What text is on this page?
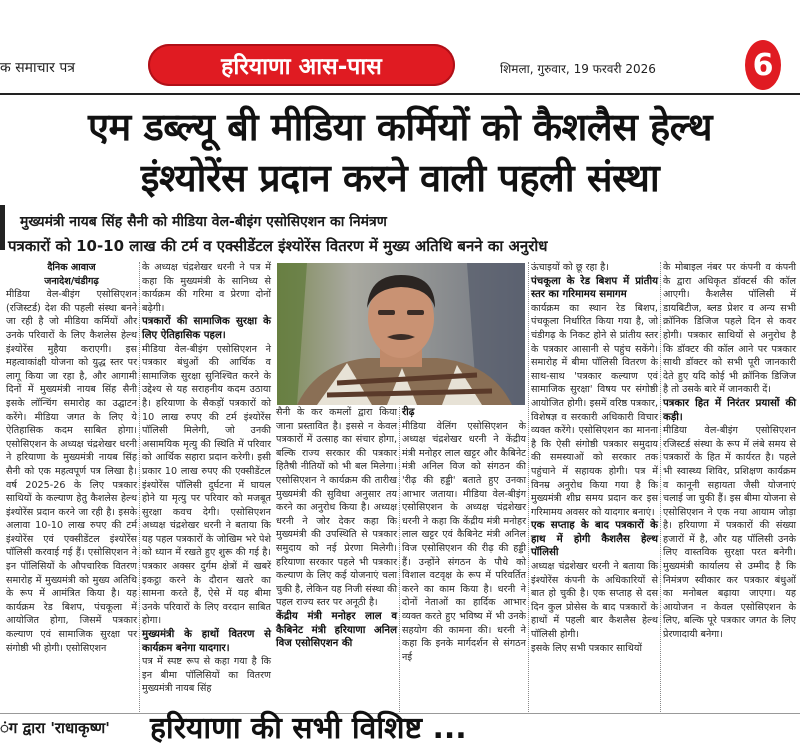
क समाचार पत्र	हरियाणा आस-पास	शिमला, गुरुवार, 19 फरवरी 2026	6
एम डब्ल्यू बी मीडिया कर्मियों को कैशलैस हेल्थ
इंश्योरेंस प्रदान करने वाली पहली संस्था
मुख्यमंत्री नायब सिंह सैनी को मीडिया वेल-बीइंग एसोसिएशन का निमंत्रण
पत्रकारों को 10-10 लाख की टर्म व एक्सीडेंटल इंश्योरेंस वितरण में मुख्य अतिथि बनने का अनुरोध

दैनिक आवाज

जनादेश/चंडीगढ़

मीडिया वेल-बीइंग एसोसिएशन (रजिस्टर्ड) देश की पहली संस्था बनने जा रही है जो मीडिया कर्मियों और उनके परिवारों के लिए कैशलेस हेल्थ इंश्योरेंस मुहैया कराएगी। इस महत्वाकांक्षी योजना को युद्ध स्तर पर लागू किया जा रहा है, और आगामी दिनों में मुख्यमंत्री नायब सिंह सैनी इसके लॉन्चिंग समारोह का उद्घाटन करेंगे। मीडिया जगत के लिए ये ऐतिहासिक कदम साबित होगा। एसोसिएशन के अध्यक्ष चंद्रशेखर धरनी ने हरियाणा के मुख्यमंत्री नायब सिंह सैनी को एक महत्वपूर्ण पत्र लिखा है। वर्ष 2025-26 के लिए पत्रकार साथियों के कल्याण हेतु कैशलेस हेल्थ इंश्योरेंस प्रदान करने जा रही है। इसके अलावा 10-10 लाख रुपए की टर्म इंश्योरेंस एवं एक्सीडेंटल इंश्योरेंस पॉलिसी करवाई गई हैं। एसोसिएशन ने इन पॉलिसियों के औपचारिक वितरण समारोह में मुख्यमंत्री को मुख्य अतिथि के रूप में आमंत्रित किया है। यह कार्यक्रम रेड बिशप, पंचकूला में आयोजित होगा, जिसमें पत्रकार कल्याण एवं सामाजिक सुरक्षा पर संगोष्ठी भी होगी। एसोसिएशन

के अध्यक्ष चंद्रशेखर धरनी ने पत्र में कहा कि मुख्यमंत्री के सानिध्य से कार्यक्रम की गरिमा व प्रेरणा दोनों बढ़ेगी।

पत्रकारों की सामाजिक सुरक्षा के लिए ऐतिहासिक पहल।

मीडिया वेल-बीइंग एसोसिएशन ने पत्रकार बंधुओं की आर्थिक व सामाजिक सुरक्षा सुनिश्चित करने के उद्देश्य से यह सराहनीय कदम उठाया है। हरियाणा के सैकड़ों पत्रकारों को 10 लाख रुपए की टर्म इंश्योरेंस पॉलिसी मिलेगी, जो उनकी असामयिक मृत्यु की स्थिति में परिवार को आर्थिक सहारा प्रदान करेगी। इसी प्रकार 10 लाख रुपए की एक्सीडेंटल इंश्योरेंस पॉलिसी दुर्घटना में घायल होने या मृत्यु पर परिवार को मजबूत सुरक्षा कवच देगी। एसोसिएशन अध्यक्ष चंद्रशेखर धरनी ने बताया कि यह पहल पत्रकारों के जोखिम भरे पेशे को ध्यान में रखते हुए शुरू की गई है। पत्रकार अक्सर दुर्गम क्षेत्रों में खबरें इकट्ठा करने के दौरान खतरे का सामना करते हैं, ऐसे में यह बीमा उनके परिवारों के लिए वरदान साबित होगा।

मुख्यमंत्री के हाथों वितरण से कार्यक्रम बनेगा यादगार।

पत्र में स्पष्ट रूप से कहा गया है कि इन बीमा पॉलिसियों का वितरण मुख्यमंत्री नायब सिंह

सैनी के कर कमलों द्वारा किया जाना प्रस्तावित है। इससे न केवल पत्रकारों में उत्साह का संचार होगा, बल्कि राज्य सरकार की पत्रकार हितैषी नीतियों को भी बल मिलेगा। एसोसिएशन ने कार्यक्रम की तारीख मुख्यमंत्री की सुविधा अनुसार तय करने का अनुरोध किया है। अध्यक्ष धरनी ने जोर देकर कहा कि मुख्यमंत्री की उपस्थिति से पत्रकार समुदाय को नई प्रेरणा मिलेगी। हरियाणा सरकार पहले भी पत्रकार कल्याण के लिए कई योजनाएं चला चुकी है, लेकिन यह निजी संस्था की पहल राज्य स्तर पर अनूठी है।

केंद्रीय मंत्री मनोहर लाल व कैबिनेट मंत्री हरियाणा अनिल विज एसोसिएशन की
रीढ़

मीडिया वेलिंग एसोसिएशन के अध्यक्ष चंद्रशेखर धरनी ने केंद्रीय मंत्री मनोहर लाल खट्टर और कैबिनेट मंत्री अनिल विज को संगठन की 'रीढ़ की हड्डी' बताते हुए उनका आभार जताया। मीडिया वेल-बीइंग एसोसिएशन के अध्यक्ष चंद्रशेखर धरनी ने कहा कि केंद्रीय मंत्री मनोहर लाल खट्टर एवं कैबिनेट मंत्री अनिल विज एसोसिएशन की रीढ़ की हड्डी हैं। उन्होंने संगठन के पौधे को विशाल वटवृक्ष के रूप में परिवर्तित करने का काम किया है। धरनी ने दोनों नेताओं का हार्दिक आभार व्यक्त करते हुए भविष्य में भी उनके सहयोग की कामना की। धरनी ने कहा कि इनके मार्गदर्शन से संगठन नई

ऊंचाइयों को छू रहा है।

पंचकूला के रेड बिशप में प्रांतीय स्तर का गरिमामय समागम

कार्यक्रम का स्थान रेड बिशप, पंचकूला निर्धारित किया गया है, जो चंडीगढ़ के निकट होने से प्रांतीय स्तर के पत्रकार आसानी से पहुंच सकेंगे। समारोह में बीमा पॉलिसी वितरण के साथ-साथ 'पत्रकार कल्याण एवं सामाजिक सुरक्षा' विषय पर संगोष्ठी आयोजित होगी। इसमें वरिष्ठ पत्रकार, विशेषज्ञ व सरकारी अधिकारी विचार व्यक्त करेंगे। एसोसिएशन का मानना है कि ऐसी संगोष्ठी पत्रकार समुदाय की समस्याओं को सरकार तक पहुंचाने में सहायक होगी। पत्र में विनम्र अनुरोध किया गया है कि मुख्यमंत्री शीघ्र समय प्रदान कर इस गरिमामय अवसर को यादगार बनाएं।

एक सप्ताह के बाद पत्रकारों के हाथ में होगी कैशलैस हेल्थ पॉलिसी

अध्यक्ष चंद्रशेखर धरनी ने बताया कि इंश्योरेंस कंपनी के अधिकारियों से बात हो चुकी है। एक सप्ताह से दस दिन कुल प्रोसेस के बाद पत्रकारों के हाथों में पहली बार कैशलैस हेल्थ पॉलिसी होगी।

इसके लिए सभी पत्रकार साथियों

के मोबाइल नंबर पर कंपनी व कंपनी के द्वारा अधिकृत डॉक्टर्स की कॉल आएगी। कैशलैस पॉलिसी में डायबिटीज, ब्लड प्रेशर व अन्य सभी क्रॉनिक डिजिज पहले दिन से कवर होगी। पत्रकार साथियों से अनुरोध है कि डॉक्टर की कॉल आने पर पत्रकार साथी डॉक्टर को सभी पूरी जानकारी देते हुए यदि कोई भी क्रॉनिक डिजिज है तो उसके बारे में जानकारी दें।

पत्रकार हित में निरंतर प्रयासों की कड़ी।

मीडिया वेल-बीइंग एसोसिएशन रजिस्टर्ड संस्था के रूप में लंबे समय से पत्रकारों के हित में कार्यरत है। पहले भी स्वास्थ्य शिविर, प्रशिक्षण कार्यक्रम व कानूनी सहायता जैसी योजनाएं चलाई जा चुकी हैं। इस बीमा योजना से एसोसिएशन ने एक नया आयाम जोड़ा है। हरियाणा में पत्रकारों की संख्या हजारों में है, और यह पॉलिसी उनके लिए वास्तविक सुरक्षा परत बनेगी। मुख्यमंत्री कार्यालय से उम्मीद है कि निमंत्रण स्वीकार कर पत्रकार बंधुओं का मनोबल बढ़ाया जाएगा। यह आयोजन न केवल एसोसिएशन के लिए, बल्कि पूरे पत्रकार जगत के लिए प्रेरणादायी बनेगा।

ंग द्वारा 'राधाकृष्ण' हरियाणा की सभी विशिष्ट ...
